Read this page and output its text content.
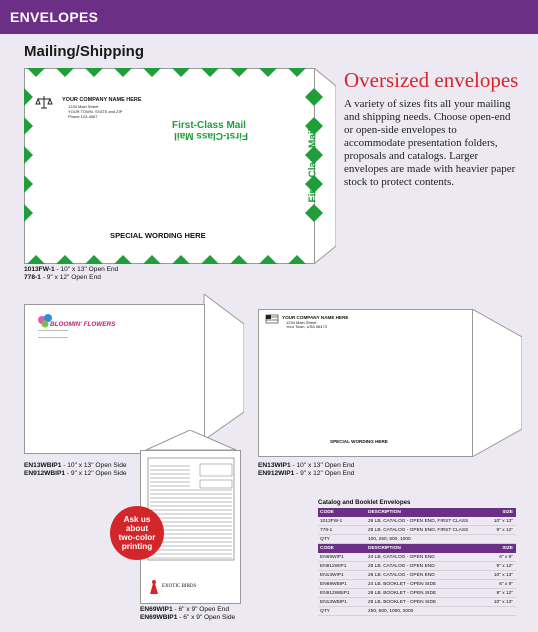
ENVELOPES
Mailing/Shipping
YOUR COMPANY NAME HERE
1234 Main Street
YOUR TOWN, STATE and ZIP
Phone 123-4567
First-Class Mail
First-Class Mail	First-Class Mail
SPECIAL WORDING HERE
1013FW-1 - 10" x 13" Open End
778-1 - 9" x 12" Open End
Oversized envelopes
A variety of sizes fits all your mailing and shipping needs. Choose open-end or open-side envelopes to accommodate presentation folders, proposals and catalogs. Larger envelopes are made with heavier paper stock to protect contents.
BLOOMIN' FLOWERS
EN13WBIP1 - 10" x 13" Open Side
EN912WBIP1 - 9" x 12" Open Side
YOUR COMPANY NAME HERE
1234 Main Street
Your Town, USA 56473
SPECIAL WORDING HERE
EN13WIP1 - 10" x 13" Open End
EN912WIP1 - 9" x 12" Open End
EXOTIC BIRDS
EN69WIP1 - 6" x 9" Open End
EN69WBIP1 - 6" x 9" Open Side
Ask us
about
two-color
printing
Catalog and Booklet Envelopes
CODE	DESCRIPTION	SIZE
1013FW-1	28 LB. CATALOG - OPEN END, FIRST CLASS	10" x 13"
778-1	28 LB. CATALOG - OPEN END, FIRST CLASS	9" x 12"
QTY	100, 250, 500, 1000
CODE	DESCRIPTION	SIZE
EN69WIP1	24 LB. CATALOG - OPEN END	6" x 9"
EN912WIP1	28 LB. CATALOG - OPEN END	9" x 12"
EN13WIP1	28 LB. CATALOG - OPEN END	10" x 13"
EN69WBIP1	24 LB. BOOKLET - OPEN SIDE	6" x 9"
EN912WBIP1	28 LB. BOOKLET - OPEN SIDE	9" x 12"
EN13WBIP1	28 LB. BOOKLET - OPEN SIDE	10" x 13"
QTY	250, 500, 1000, 2000
